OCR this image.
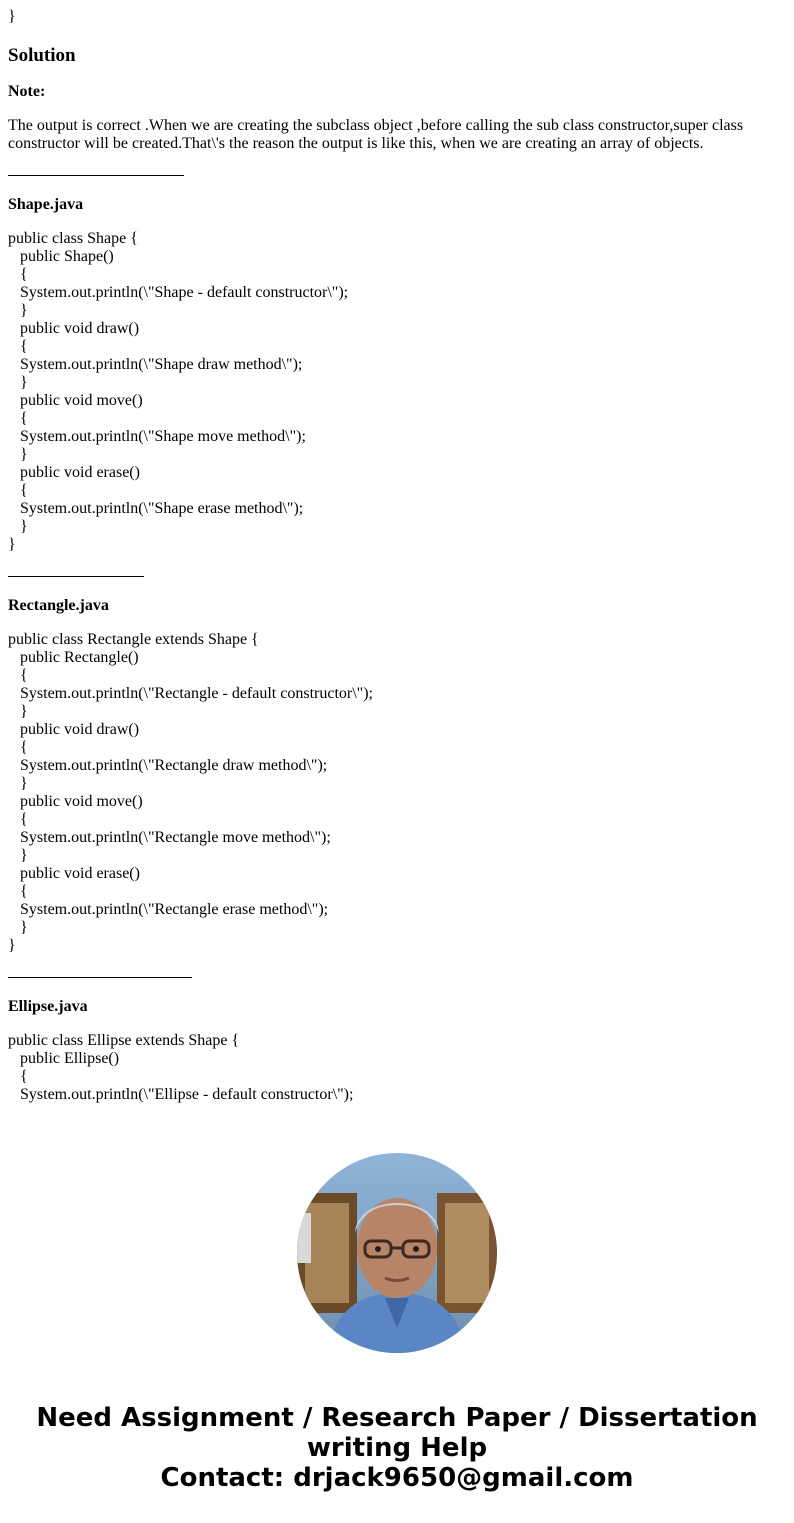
}
Solution
Note:
The output is correct .When we are creating the subclass object ,before calling the sub class constructor,super class constructor will be created.That\'s the reason the output is like this, when we are creating an array of objects.
Shape.java
public class Shape {
public Shape()
{
System.out.println(\"Shape - default constructor\");
}
public void draw()
{
System.out.println(\"Shape draw method\");
}
public void move()
{
System.out.println(\"Shape move method\");
}
public void erase()
{
System.out.println(\"Shape erase method\");
}
}
Rectangle.java
public class Rectangle extends Shape {
public Rectangle()
{
System.out.println(\"Rectangle - default constructor\");
}
public void draw()
{
System.out.println(\"Rectangle draw method\");
}
public void move()
{
System.out.println(\"Rectangle move method\");
}
public void erase()
{
System.out.println(\"Rectangle erase method\");
}
}
Ellipse.java
public class Ellipse extends Shape {
public Ellipse()
{
System.out.println(\"Ellipse - default constructor\");
Need Assignment / Research Paper / Dissertation
writing Help
Contact: drjack9650@gmail.com
